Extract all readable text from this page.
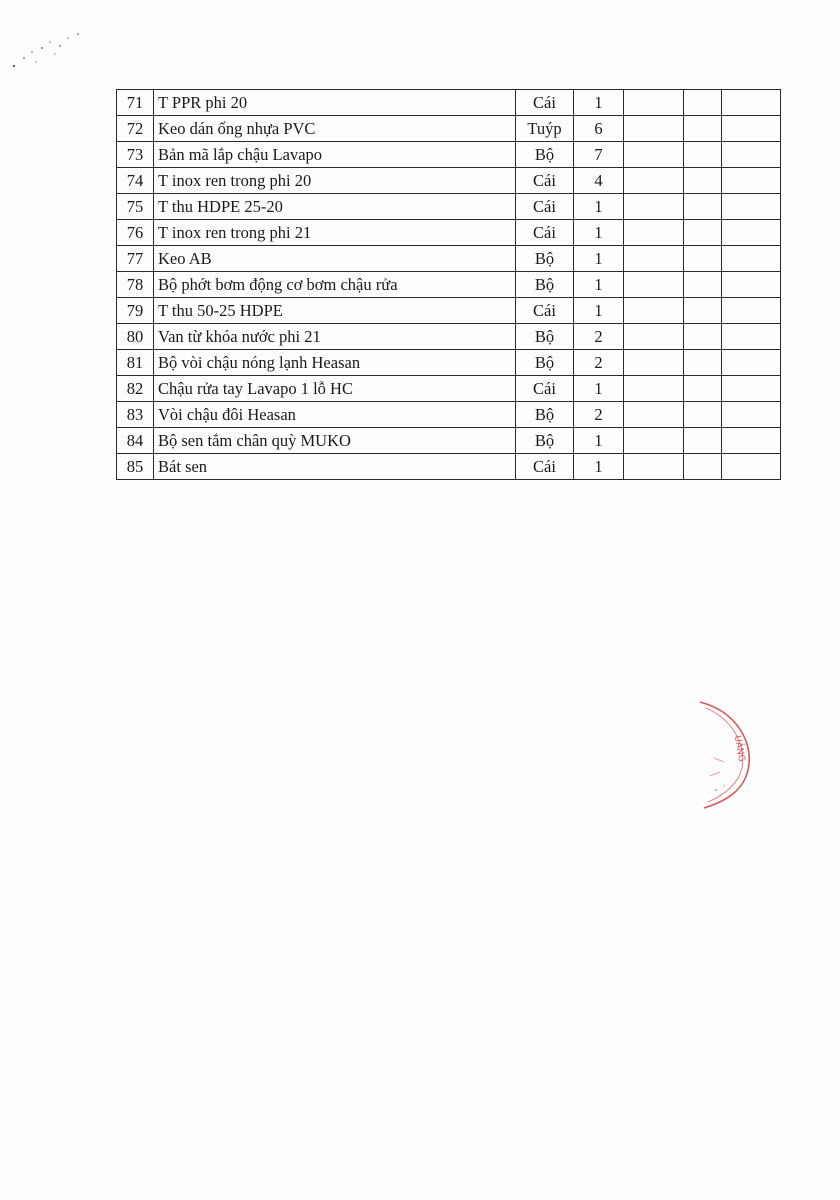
71	T PPR phi 20	Cái	1			
72	Keo dán ống nhựa PVC	Tuýp	6			
73	Bản mã lắp chậu Lavapo	Bộ	7			
74	T inox ren trong phi 20	Cái	4			
75	T thu HDPE 25-20	Cái	1			
76	T inox ren trong phi 21	Cái	1			
77	Keo AB	Bộ	1			
78	Bộ phớt bơm động cơ bơm chậu rửa	Bộ	1			
79	T thu 50-25 HDPE	Cái	1			
80	Van từ khóa nước phi 21	Bộ	2			
81	Bộ vòi chậu nóng lạnh Heasan	Bộ	2			
82	Chậu rửa tay Lavapo 1 lỗ HC	Cái	1			
83	Vòi chậu đôi Heasan	Bộ	2			
84	Bộ sen tắm chân quỳ MUKO	Bộ	1			
85	Bát sen	Cái	1			
UẢNG
